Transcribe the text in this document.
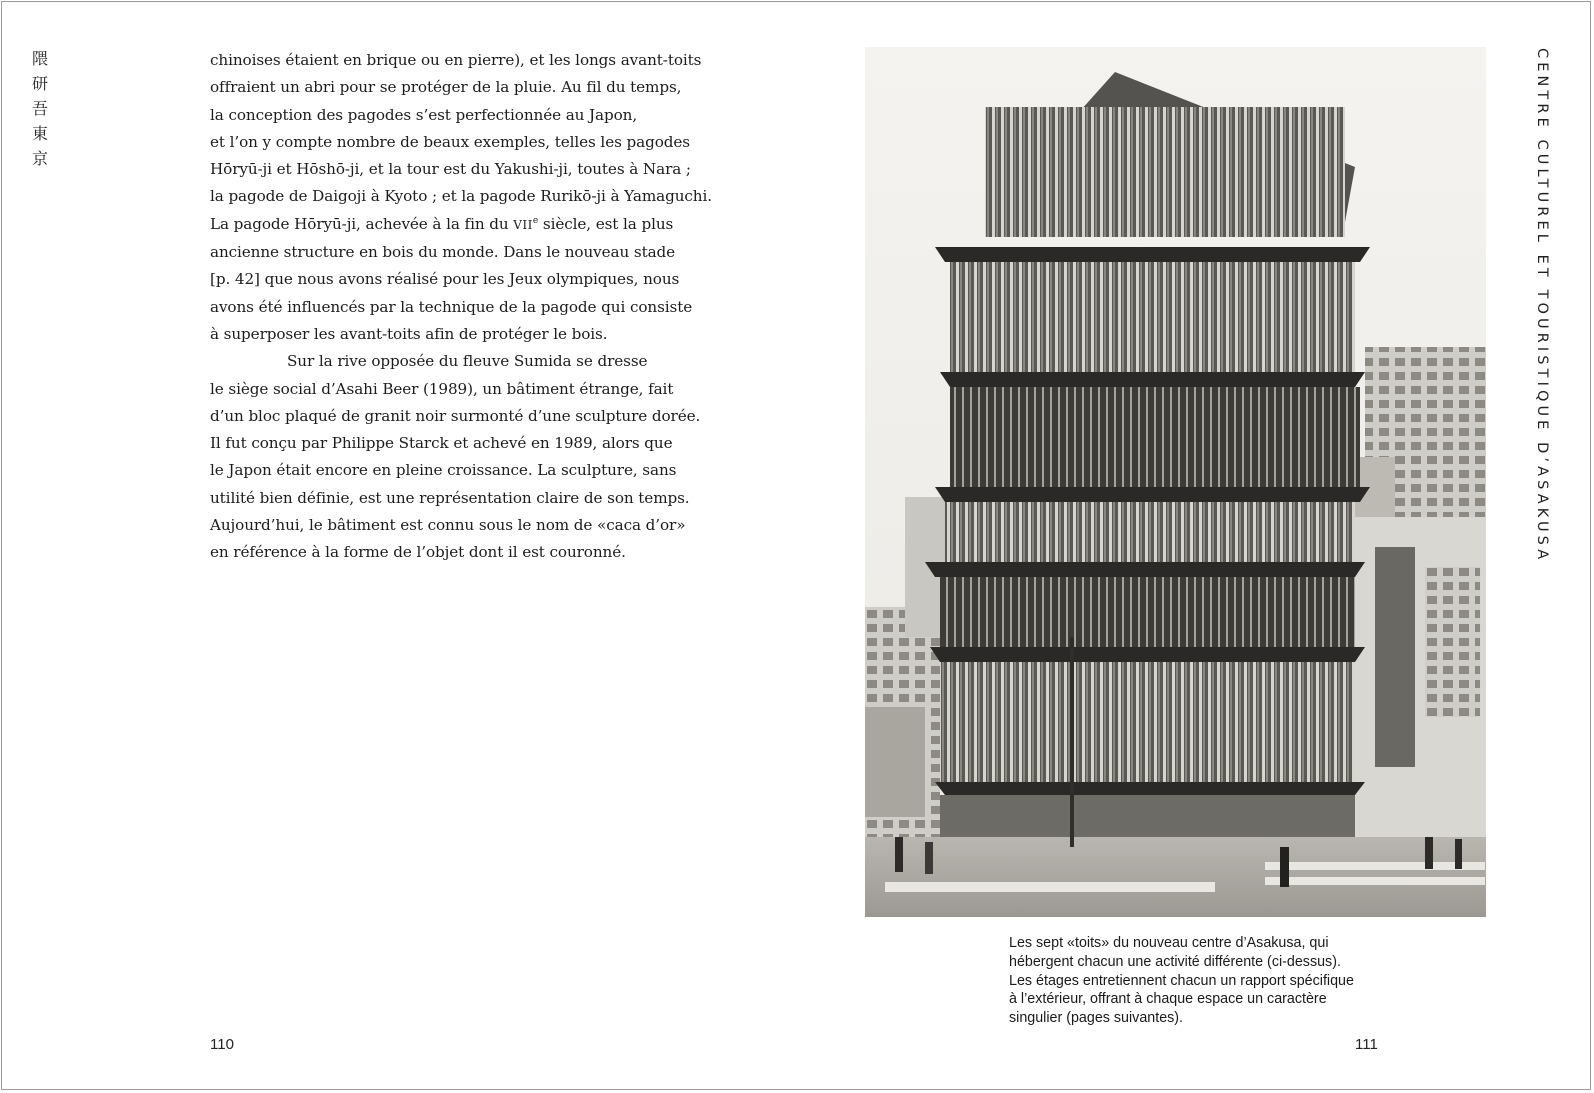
隈
研
吾
東
京
chinoises étaient en brique ou en pierre), et les longs avant-toits
offraient un abri pour se protéger de la pluie. Au fil du temps,
la conception des pagodes s’est perfectionnée au Japon,
et l’on y compte nombre de beaux exemples, telles les pagodes
Hōryū-ji et Hōshō-ji, et la tour est du Yakushi-ji, toutes à Nara ;
la pagode de Daigoji à Kyoto ; et la pagode Rurikō-ji à Yamaguchi.
La pagode Hōryū-ji, achevée à la fin du VIIe siècle, est la plus
ancienne structure en bois du monde. Dans le nouveau stade
[p. 42] que nous avons réalisé pour les Jeux olympiques, nous
avons été influencés par la technique de la pagode qui consiste
à superposer les avant-toits afin de protéger le bois.
Sur la rive opposée du fleuve Sumida se dresse
le siège social d’Asahi Beer (1989), un bâtiment étrange, fait
d’un bloc plaqué de granit noir surmonté d’une sculpture dorée.
Il fut conçu par Philippe Starck et achevé en 1989, alors que
le Japon était encore en pleine croissance. La sculpture, sans
utilité bien définie, est une représentation claire de son temps.
Aujourd’hui, le bâtiment est connu sous le nom de «caca d’or»
en référence à la forme de l’objet dont il est couronné.
110
Les sept «toits» du nouveau centre d’Asakusa, qui
hébergent chacun une activité différente (ci-dessus).
Les étages entretiennent chacun un rapport spécifique
à l’extérieur, offrant à chaque espace un caractère
singulier (pages suivantes).
CENTRE CULTUREL ET TOURISTIQUE D’ASAKUSA
111
